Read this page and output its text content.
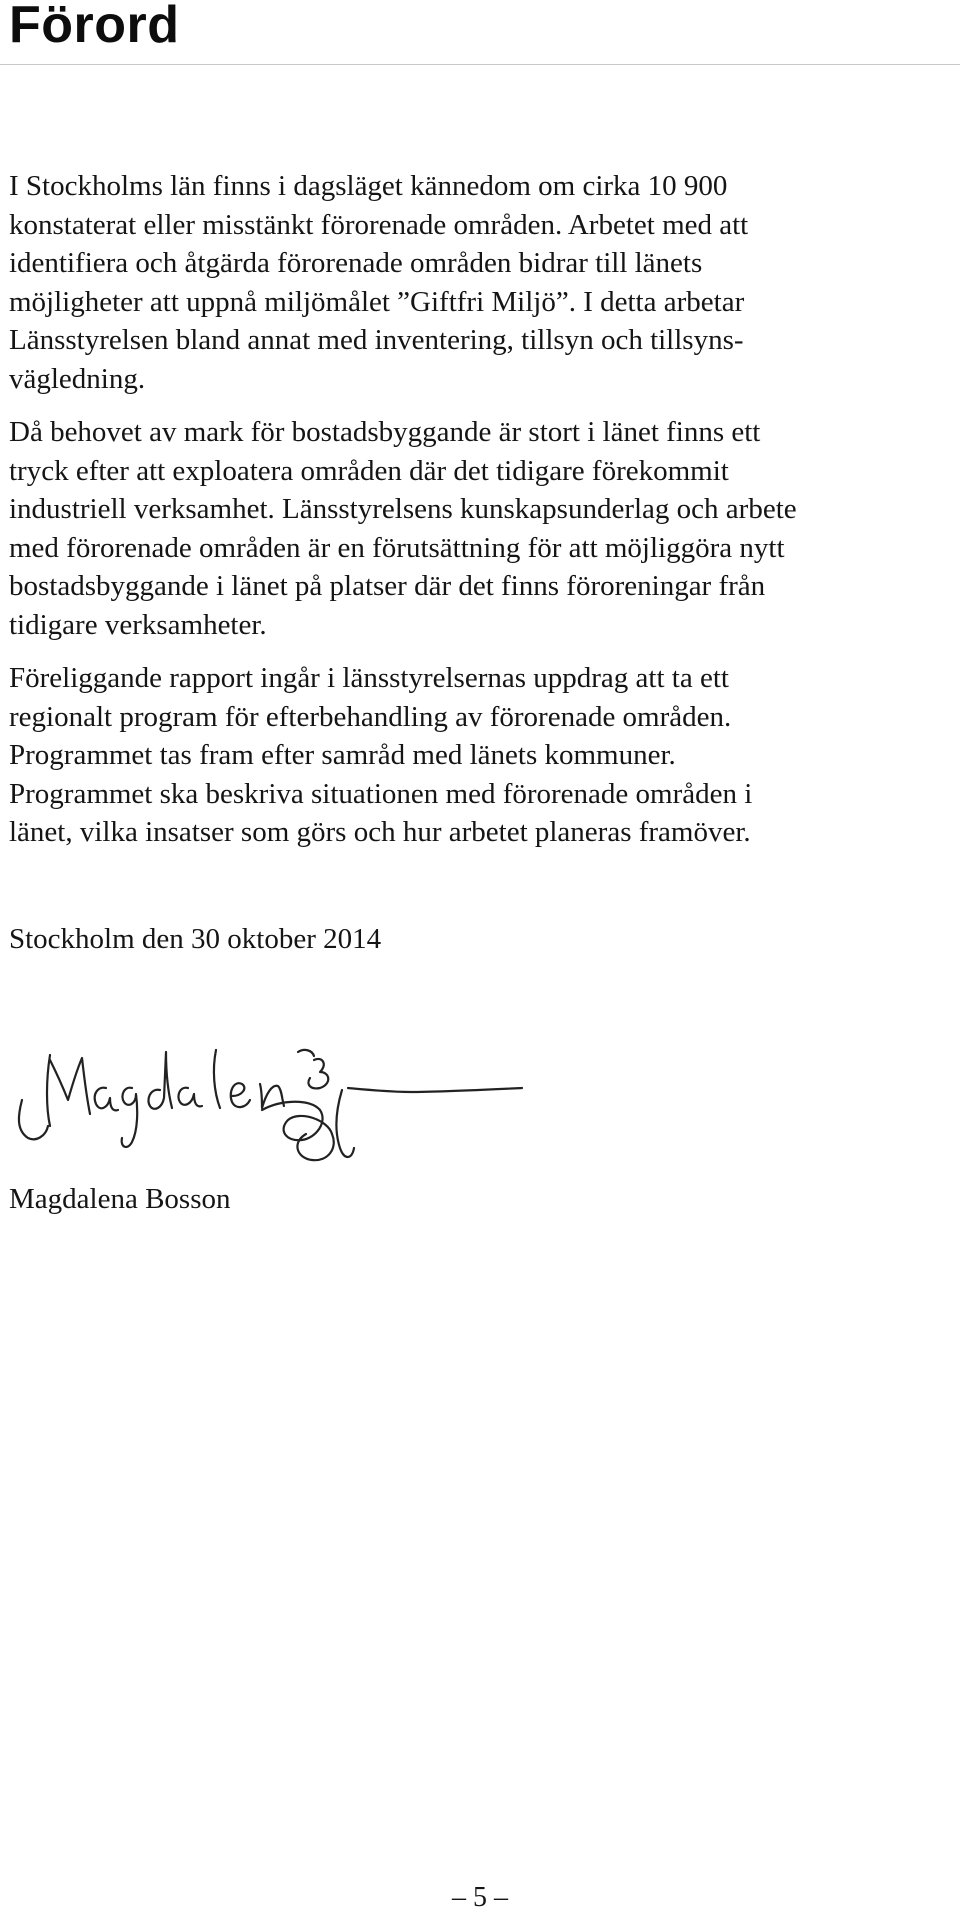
Förord

I Stockholms län finns i dagsläget kännedom om cirka 10 900
konstaterat eller misstänkt förorenade områden. Arbetet med att
identifiera och åtgärda förorenade områden bidrar till länets
möjligheter att uppnå miljömålet ”Giftfri Miljö”. I detta arbetar
Länsstyrelsen bland annat med inventering, tillsyn och tillsyns-
vägledning.

Då behovet av mark för bostadsbyggande är stort i länet finns ett
tryck efter att exploatera områden där det tidigare förekommit
industriell verksamhet. Länsstyrelsens kunskapsunderlag och arbete
med förorenade områden är en förutsättning för att möjliggöra nytt
bostadsbyggande i länet på platser där det finns föroreningar från
tidigare verksamheter.

Föreliggande rapport ingår i länsstyrelsernas uppdrag att ta ett
regionalt program för efterbehandling av förorenade områden.
Programmet tas fram efter samråd med länets kommuner.
Programmet ska beskriva situationen med förorenade områden i
länet, vilka insatser som görs och hur arbetet planeras framöver.

Stockholm den 30 oktober 2014

Magdalena Bosson

– 5 –
